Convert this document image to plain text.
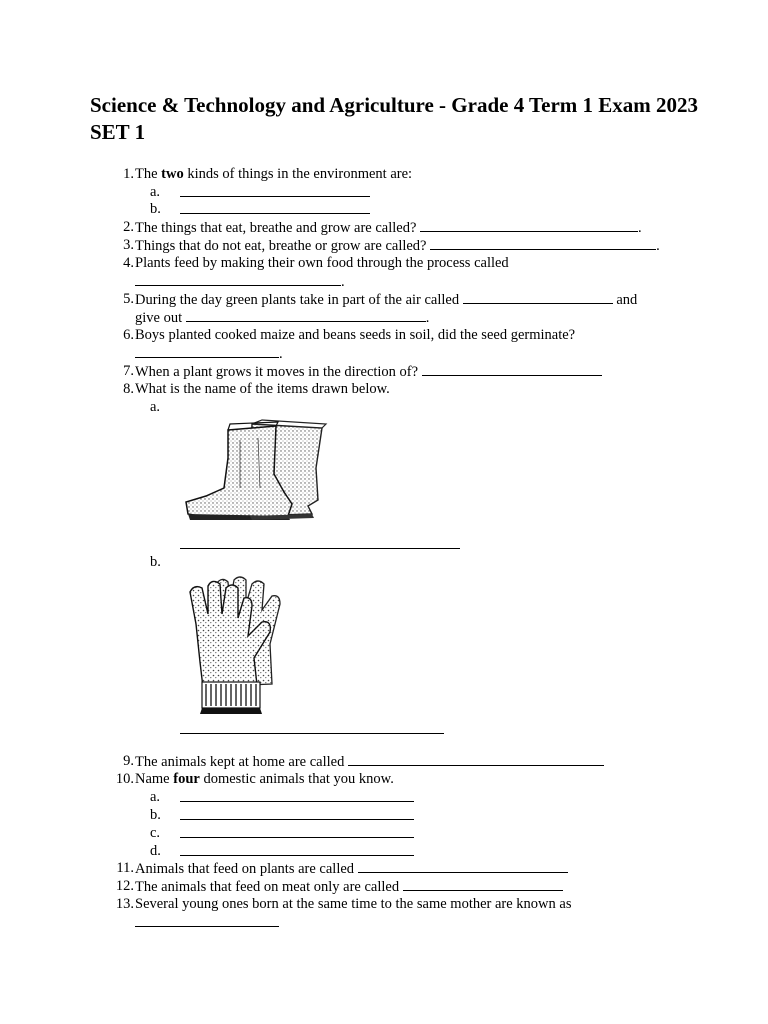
Science & Technology and Agriculture - Grade 4 Term 1 Exam 2023 SET 1
1. The two kinds of things in the environment are:
a.
b.
2. The things that eat, breathe and grow are called?	.
3. Things that do not eat, breathe or grow are called?	.
4. Plants feed by making their own food through the process called
.
5. During the day green plants take in part of the air called	and
give out	.
6. Boys planted cooked maize and beans seeds in soil, did the seed germinate?
.
7. When a plant grows it moves in the direction of?
8. What is the name of the items drawn below.
a.
b.
9. The animals kept at home are called
10. Name four domestic animals that you know.
a.
b.
c.
d.
11. Animals that feed on plants are called
12. The animals that feed on meat only are called
13. Several young ones born at the same time to the same mother are known as
